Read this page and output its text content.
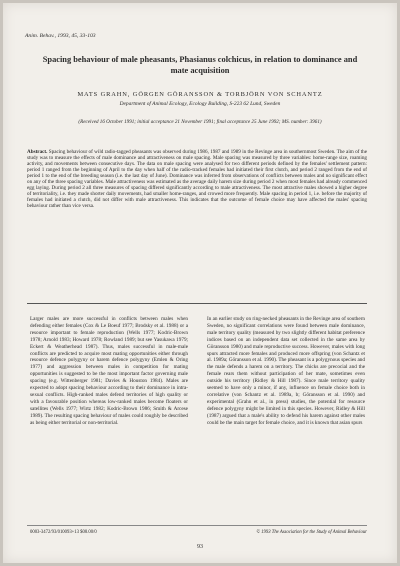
Anim. Behav., 1993, 45, 33-103
Spacing behaviour of male pheasants, Phasianus colchicus, in relation to dominance and mate acquisition
MATS GRAHN, GÖRGEN GÖRANSSON & TORBJÖRN VON SCHANTZ
Department of Animal Ecology, Ecology Building, S-223 62 Lund, Sweden
(Received 16 October 1991; initial acceptance 21 November 1991; final acceptance 25 June 1992; MS. number: 3961)

Abstract. Spacing behaviour of wild radio-tagged pheasants was observed during 1986, 1987 and 1989 in the Revinge area in southernmost Sweden. The aim of the study was to measure the effects of male dominance and attractiveness on male spacing. Male spacing was measured by three variables: home-range size, roaming activity, and movements between consecutive days. The data on male spacing were analysed for two different periods defined by the females' settlement pattern: period 1 ranged from the beginning of April to the day when half of the radio-tracked females had initiated their first clutch, and period 2 ranged from the end of period 1 to the end of the breeding season (i.e. the last day of June). Dominance was inferred from observations of conflicts between males and no significant effect on any of the three spacing variables. Male attractiveness was estimated as the average daily harem size during period 2 when most females had already commenced egg laying. During period 2 all three measures of spacing differed significantly according to male attractiveness. The most attractive males showed a higher degree of territoriality, i.e. they made shorter daily movements, had smaller home-ranges, and crowed more frequently. Male spacing in period 1, i.e. before the majority of females had initiated a clutch, did not differ with male attractiveness. This indicates that the outcome of female choice may have affected the males' spacing behaviour rather than vice versa.

Larger males are more successful in conflicts between males when defending either females (Cox & Le Boeuf 1977; Brodsky et al. 1988) or a resource important to female reproduction (Wells 1977; Kodric-Brown 1978; Arnold 1983; Howard 1978; Rowland 1989; but see Yasukawa 1979; Eckert & Weatherhead 1987). Thus, males successful in male-male conflicts are predicted to acquire most mating opportunities either through resource defence polygyny or harem defence polygyny (Emlen & Oring 1977) and aggression between males in competition for mating opportunities is suggested to be the most important factor governing male spacing (e.g. Wittenberger 1981; Davies & Houston 1984). Males are expected to adopt spacing behaviour according to their dominance in intra-sexual conflicts. High-ranked males defend territories of high quality or with a favourable position whereas low-ranked males become floaters or satellites (Wells 1977; Wirtz 1982; Kodric-Brown 1986; Smith & Arcese 1989). The resulting spacing behaviour of males could roughly be described as being either territorial or non-territorial.

In an earlier study on ring-necked pheasants in the Revinge area of southern Sweden, no significant correlations were found between male dominance, male territory quality (measured by two slightly different habitat preference indices based on an independent data set collected in the same area by Göransson 1980) and male reproductive success. However, males with long spurs attracted more females and produced more offspring (von Schantz et al. 1989a; Göransson et al. 1990). The pheasant is a polygynous species and the male defends a harem on a territory. The chicks are precocial and the female rears them without participation of her mate, sometimes even outside his territory (Ridley & Hill 1987). Since male territory quality seemed to have only a minor, if any, influence on female choice both in correlative (von Schantz et al. 1989a, b; Göransson et al. 1990) and experimental (Grahn et al., in press) studies, the potential for resource defence polygyny might be limited in this species. However, Ridley & Hill (1987) argued that a male's ability to defend his harem against other males could be the main target for female choice, and it is known that asian spurs

0003-3472/93/010093+13 $08.00/0	© 1993 The Association for the Study of Animal Behaviour
93
